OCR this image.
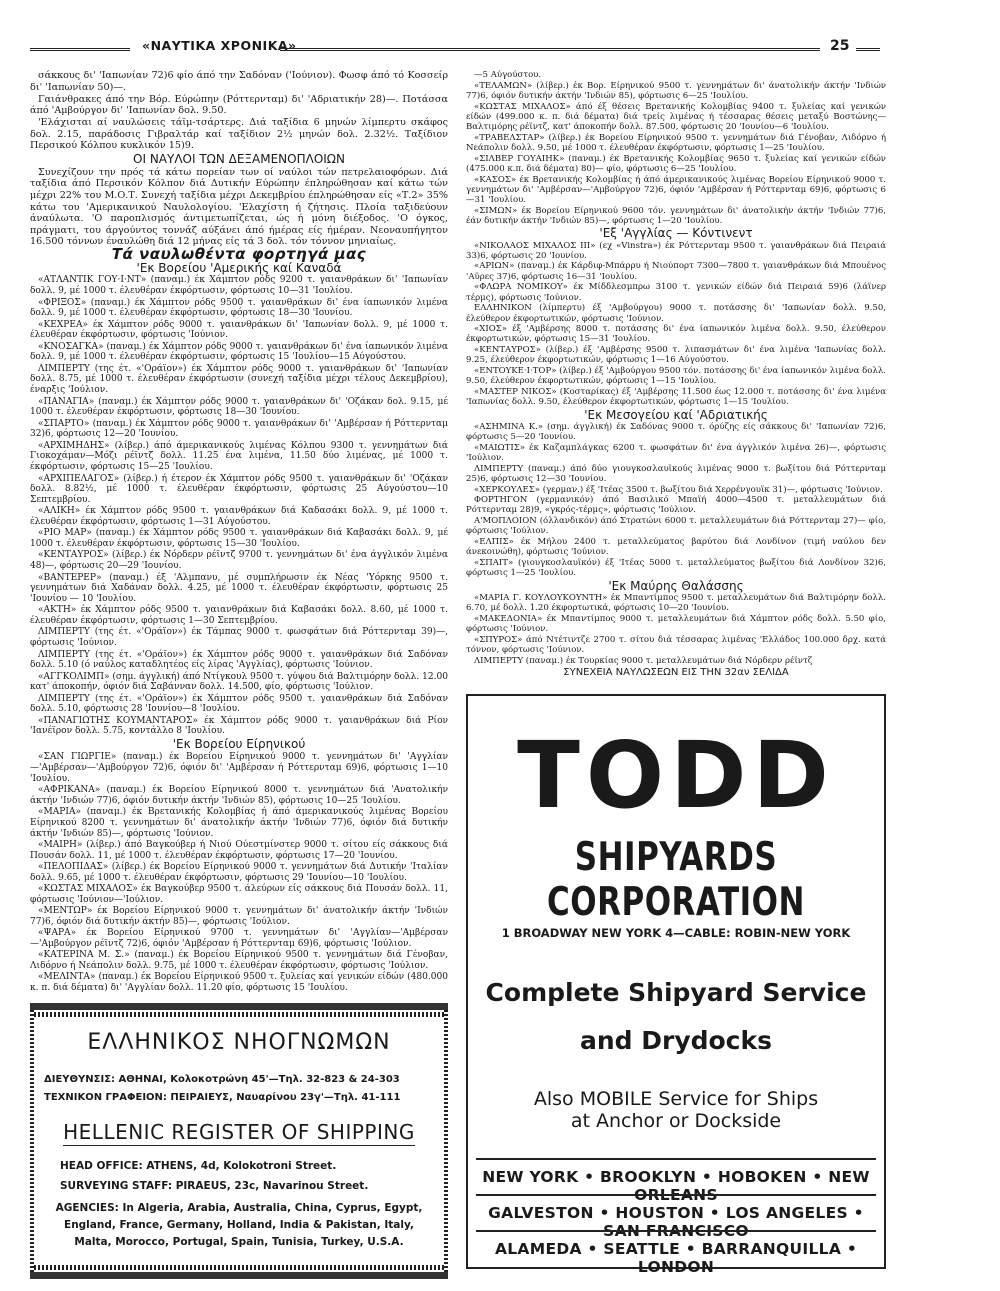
«ΝΑΥΤΙΚΑ ΧΡΟΝΙΚΑ»	25

σάκκους δι' 'Ιαπωνίαν 72)6 φίο άπό την Σαδόναν ('Ιούνιον). Φωσφ άπό τό Κοσσείρ δι' 'Ιαπωνίαν 50)—.

Γαιάνθρακες άπό την Βόρ. Εύρώπην (Ρόττερνταμ) δι' 'Αδριατικήν 28)—. Ποτάσσα άπό 'Αμβούργον δι' 'Ιαπωνίαν δολ. 9.50.

'Ελάχισται αί ναυλώσεις τάϊμ-τσάρτερς. Διά ταξίδια 6 μηνών λίμπερτυ σκάφος δολ. 2.15, παράδοσις Γιβραλτάρ καί ταξίδιον 2½ μηνών δολ. 2.32½. Ταξίδιον Περσικού Κόλπου κυκλικόν 15)9.

ΟΙ ΝΑΥΛΟΙ ΤΩΝ ΔΕΞΑΜΕΝΟΠΛΟΙΩΝ

Συνεχίζουν την πρός τά κάτω πορείαν των οί ναύλοι τών πετρελαιοφόρων. Διά ταξίδια άπό Περσικόν Κόλπον διά Δυτικήν Εύρώπην έπληρώθησαν καί κάτω τών μέχρι 22% του Μ.Ο.Τ. Συνεχή ταξίδια μέχρι Δεκεμβρίου έπληρώθησαν είς «Τ.2» 35% κάτω του 'Αμερικανικού Ναυλολογίου. 'Ελαχίστη ή ζήτησις. Πλοία ταξιδεύουν άναύλωτα. 'Ο παροπλισμός άντιμετωπίζεται, ώς ή μόνη διέξοδος. 'Ο όγκος, πράγματι, του άργούντος τοννάζ αύξάνει άπό ήμέρας είς ήμέραν. Νεοναυπήγητον 16.500 τόννων έναυλώθη διά 12 μήνας είς τά 3 δολ. τόν τόννον μηνιαίως.

Τά ναυλωθέντα φορτηγά μας
'Εκ Βορείου 'Αμερικής καί Καναδά

«ΑΤΛΑΝΤΙΚ ΓΟΥ·Ι·ΝΤ» (παναμ.) έκ Χάμπτον ρόδς 9200 τ. γαιανθράκων δι' 'Ιαπωνίαν δολλ. 9, μέ 1000 τ. έλευθέραν έκφόρτωσιν, φόρτωσις 10—31 'Ιουλίου.

«ΦΡΙΞΟΣ» (παναμ.) έκ Χάμπτον ρόδς 9500 τ. γαιανθράκων δι' ένα ίαπωνικόν λιμένα δολλ. 9, μέ 1000 τ. έλευθέραν έκφόρτωσιν, φόρτωσις 18—30 'Ιουνίου.

«ΚΕΧΡΕΑ» έκ Χάμπτον ρόδς 9000 τ. γαιανθράκων δι' 'Ιαπωνίαν δολλ. 9, μέ 1000 τ. έλευθέραν έκφόρτωσιν, φόρτωσις 'Ιούνιον.

«ΚΝΟΣΑΓΚΑ» (παναμ.) έκ Χάμπτον ρόδς 9000 τ. γαιανθράκων δι' ένα ίαπωνικόν λιμένα δολλ. 9, μέ 1000 τ. έλευθέραν έκφόρτωσιν, φόρτωσις 15 'Ιουλίου—15 Αύγούστου.

ΛΙΜΠΕΡΤΥ (της έτ. «'Οράϊον») έκ Χάμπτον ρόδς 9000 τ. γαιανθράκων δι' 'Ιαπωνίαν δολλ. 8.75, μέ 1000 τ. έλευθέραν έκφόρτωσιν (συνεχή ταξίδια μέχρι τέλους Δεκεμβρίου), έναρξις 'Ιούλιον.

«ΠΑΝΑΓΙΑ» (παναμ.) έκ Χάμπτον ρόδς 9000 τ. γαιανθράκων δι' 'Οζάκαν δολ. 9.15, μέ 1000 τ. έλευθέραν έκφόρτωσιν, φόρτωσις 18—30 'Ιουνίου.

«ΣΠΑΡΤΟ» (παναμ.) έκ Χάμπτον ρόδς 9000 τ. γαιανθράκων δι' 'Αμβέρσαν ή Ρόττερνταμ 32)6, φόρτωσις 12—20 'Ιουνίου.

«ΑΡΧΙΜΗΔΗΣ» (λίβερ.) άπό άμερικανικούς λιμένας Κόλπου 9300 τ. γεννημάτων διά Γιοκοχάμαν—Μόζι ρέϊντζ δολλ. 11.25 ένα λιμένα, 11.50 δύο λιμένας, μέ 1000 τ. έκφόρτωσιν, φόρτωσις 15—25 'Ιουλίου.

«ΑΡΧΙΠΕΛΑΓΟΣ» (λίβερ.) ή έτερον έκ Χάμπτον ρόδς 9500 τ. γαιανθράκων δι' 'Οζάκαν δολλ. 8.82½, μέ 1000 τ. έλευθέραν έκφόρτωσιν, φόρτωσις 25 Αύγούστου—10 Σεπτεμβρίου.

«ΑΛΙΚΗ» έκ Χάμπτον ρόδς 9500 τ. γαιανθράκων διά Καδασάκι δολλ. 9, μέ 1000 τ. έλευθέραν έκφόρτωσιν, φόρτωσις 1—31 Αύγούστου.

«ΡΙΟ ΜΑΡ» (παναμ.) έκ Χάμπτον ρόδς 9500 τ. γαιανθράκων διά Καβασάκι δολλ. 9, μέ 1000 τ. έλευθέραν έκφόρτωσιν, φόρτωσις 15—30 'Ιουλίου.

«ΚΕΝΤΑΥΡΟΣ» (λίβερ.) έκ Νόρδερν ρέϊντζ 9700 τ. γεννημάτων δι' ένα άγγλικόν λιμένα 48)—, φόρτωσις 20—29 'Ιουνίου.

«ΒΑΝΤΕΡΕΡ» (παναμ.) έξ 'Αλμπανυ, μέ συμπλήρωσιν έκ Νέας 'Υόρκης 9500 τ. γεννημάτων διά Χαδάναν δολλ. 4.25, μέ 1000 τ. έλευθέραν έκφόρτωσιν, φόρτωσις 25 'Ιουνίου — 10 'Ιουλίου.

«ΑΚΤΗ» έκ Χάμπτον ρόδς 9500 τ. γαιανθράκων διά Καβασάκι δολλ. 8.60, μέ 1000 τ. έλευθέραν έκφόρτωσιν, φόρτωσις 1—30 Σεπτεμβρίου.

ΛΙΜΠΕΡΤΥ (της έτ. «'Οράϊον») έκ Τάμπας 9000 τ. φωσφάτων διά Ρόττερνταμ 39)—, φόρτωσις 'Ιούνιον.

ΛΙΜΠΕΡΤΥ (της έτ. «'Οράϊον») έκ Χάμπτον ρόδς 9000 τ. γαιανθράκων διά Σαδόναν δολλ. 5.10 (ό ναύλος καταδλητέος είς λίρας 'Αγγλίας), φόρτωσις 'Ιούνιον.

«ΑΓΓΚΟΛΙΜΠ» (σημ. άγγλική) άπό Ντίγκουλ 9500 τ. γύψου διά Βαλτιμόρην δολλ. 12.00 κατ' άποκοπήν, όφιόν διά Σαβάνναν δολλ. 14.500, φίο, φόρτωσις 'Ιούλιον.

ΛΙΜΠΕΡΤΥ (της έτ. «'Οράϊον») έκ Χάμπτον ρόδς 9500 τ. γαιανθράκων διά Σαδόναν δολλ. 5.10, φόρτωσις 28 'Ιουνίου—8 'Ιουλίου.

«ΠΑΝΑΓΙΩΤΗΣ ΚΟΥΜΑΝΤΑΡΟΣ» έκ Χάμπτον ρόδς 9000 τ. γαιανθράκων διά Ρίον 'Ιανέϊρον δολλ. 5.75, κοντάλλο 8 'Ιουλίου.

'Εκ Βορείου Είρηνικού

«ΣΑΝ ΓΙΩΡΓΙΕ» (παναμ.) έκ Βορείου Είρηνικού 9000 τ. γεννημάτων δι' 'Αγγλίαν—'Αμβέρσαν—'Αμβούργον 72)6, όφιόν δι' 'Αμβέρσαν ή Ρόττερνταμ 69)6, φόρτωσις 1—10 'Ιουλίου.

«ΑΦΡΙΚΑΝΑ» (παναμ.) έκ Βορείου Είρηνικού 8000 τ. γεννημάτων διά 'Ανατολικήν άκτήν 'Ινδιών 77)6, όφιόν δυτικήν άκτήν 'Ινδιών 85), φόρτωσις 10—25 'Ιουλίου.

«ΜΑΡΙΑ» (παναμ.) έκ Βρετανικής Κολομβίας ή άπό άμερικανικούς λιμένας Βορείου Είρηνικού 8200 τ. γεννημάτων δι' άνατολικήν άκτήν 'Ινδιών 77)6, όφιόν διά δυτικήν άκτήν 'Ινδιών 85)—, φόρτωσις 'Ιούνιον.

«ΜΑΙΡΗ» (λίβερ.) άπό Βαγκούβερ ή Νιού Ούεστμίνστερ 9000 τ. σίτου είς σάκκους διά Πουσάν δολλ. 11, μέ 1000 τ. έλευθέραν έκφόρτωσιν, φόρτωσις 17—20 'Ιουνίου.

«ΠΕΛΟΠΙΔΑΣ» (λίβερ.) έκ Βορείου Είρηνικού 9000 τ. γεννημάτων διά Δυτικήν 'Ιταλίαν δολλ. 9.65, μέ 1000 τ. έλευθέραν έκφόρτωσιν, φόρτωσις 29 'Ιουνίου—10 'Ιουλίου.

«ΚΩΣΤΑΣ ΜΙΧΑΛΟΣ» έκ Βαγκούβερ 9500 τ. άλεύρων είς σάκκους διά Πουσάν δολλ. 11, φόρτωσις 'Ιούνιον—'Ιούλιον.

«ΜΕΝΤΩΡ» έκ Βορείου Είρηνικού 9000 τ. γεννημάτων δι' άνατολικήν άκτήν 'Ινδιών 77)6, όφιόν διά δυτικήν άκτήν 85)—, φόρτωσις 'Ιούλιον.

«ΨΑΡΑ» έκ Βορείου Είρηνικού 9700 τ. γεννημάτων δι' 'Αγγλίαν—'Αμβέρσαν—'Αμβούργον ρέϊντζ 72)6, όφιόν 'Αμβέρσαν ή Ρόττερνταμ 69)6, φόρτωσις 'Ιούλιον.

«ΚΑΤΕΡΙΝΑ Μ. Σ.» (παναμ.) έκ Βορείου Είρηνικού 9500 τ. γεννημάτων διά Γένοβαν, Λιδόρνο ή Νεάπολιν δολλ. 9.75, μέ 1000 τ. έλευθέραν έκφόρτωσιν, φόρτωσις 'Ιούλιον.

«ΜΕΛΙΝΤΑ» (παναμ.) έκ Βορείου Είρηνικού 9500 τ. ξυλείας καί γενικών είδών (480.000 κ. π. διά δέματα) δι' 'Αγγλίαν δολλ. 11.20 φίο, φόρτωσις 15 'Ιουλίου.

—5 Αύγούστου.

«ΤΕΛΑΜΩΝ» (λίβερ.) έκ Βορ. Είρηνικού 9500 τ. γεννημάτων δι' άνατολικήν άκτήν 'Ινδιών 77)6, όφιόν δυτικήν άκτήν 'Ινδιών 85), φόρτωσις 6—25 'Ιουλίου.

«ΚΩΣΤΑΣ ΜΙΧΑΛΟΣ» άπό έξ θέσεις Βρετανικής Κολομβίας 9400 τ. ξυλείας καί γενικών είδών (499.000 κ. π. διά δέματα) διά τρείς λιμένας ή τέσσαρας θέσεις μεταξύ Βοστώνης—Βαλτιμόρης ρέϊντζ, κατ' άποκοπήν δολλ. 87.500, φόρτωσις 20 'Ιουνίου—6 'Ιουλίου.

«ΤΡΑΒΕΛΣΤΑΡ» (λίβερ.) έκ Βορείου Είρηνικού 9500 τ. γεννημάτων διά Γένοβαν, Λιδόρνο ή Νεάπολιν δολλ. 9.50, μέ 1000 τ. έλευθέραν έκφόρτωσιν, φόρτωσις 1—25 'Ιουλίου.

«ΣΙΛΒΕΡ ΓΟΥΑΙΗΚ» (παναμ.) έκ Βρετανικής Κολομβίας 9650 τ. ξυλείας καί γενικών είδών (475.000 κ.π. διά δέματα) 80)— φίο, φόρτωσις 6—25 'Ιουλίου.

«ΚΑΣΟΣ» έκ Βρετανικής Κολομβίας ή άπό άμερικανικούς λιμένας Βορείου Είρηνικού 9000 τ. γεννημάτων δι' 'Αμβέρσαν—'Αμβούργον 72)6, όφιόν 'Αμβέρσαν ή Ρόττερνταμ 69)6, φόρτωσις 6—31 'Ιουλίου.

«ΣΙΜΩΝ» έκ Βορείου Είρηνικού 9600 τόν. γεννημάτων δι' άνατολικήν άκτήν 'Ινδιών 77)6, έάν δυτικήν άκτήν 'Ινδιών 85)—, φόρτωσις 1—20 'Ιουλίου.

'Εξ 'Αγγλίας — Κόντινεντ

«ΝΙΚΟΛΑΟΣ ΜΙΧΑΛΟΣ ΙΙΙ» (εχ «Vinstra») έκ Ρόττερνταμ 9500 τ. γαιανθράκων διά Πειραιά 33)6, φόρτωσις 20 'Ιουνίου.

«ΑΡΙΩΝ» (παναμ.) έκ Κάρδιφ-Μπάρρυ ή Νιούπορτ 7300—7800 τ. γαιανθράκων διά Μπουένος 'Αϋρες 37)6, φόρτωσις 16—31 'Ιουλίου.

«ΦΛΩΡΑ ΝΟΜΙΚΟΥ» έκ Μίδδλεσμπρω 3100 τ. γενικών είδών διά Πειραιά 59)6 (λάϊνερ τέρμς), φόρτωσις 'Ιούνιον.

ΕΛΛΗΝΙΚΟΝ (λίμπερτυ) έξ 'Αμβούργου) 9000 τ. ποτάσσης δι' 'Ιαπωνίαν δολλ. 9.50, έλεύθερον έκφορτωτικών, φόρτωσις 'Ιούνιον.

«ΧΙΟΣ» έξ 'Αμβέρσης 8000 τ. ποτάσσης δι' ένα ίαπωνικόν λιμένα δολλ. 9.50, έλεύθερον έκφορτωτικών, φόρτωσις 15—31 'Ιουλίου.

«ΚΕΝΤΑΥΡΟΣ» (λίβερ.) έξ 'Αμβέρσης 9500 τ. λιπασμάτων δι' ένα λιμένα 'Ιαπωνίας δολλ. 9.25, έλεύθερον έκφορτωτικών, φόρτωσις 1—16 Αύγούστου.

«ΕΝΤΟΥΚΕ·Ι·ΤΟΡ» (λίβερ.) έξ 'Αμβούργου 9500 τόν. ποτάσσης δι' ένα ίαπωνικόν λιμένα δολλ. 9.50, έλεύθερον έκφορτωτικών, φόρτωσις 1—15 'Ιουλίου.

«ΜΑΣΤΕΡ ΝΙΚΟΣ» (Κοσταρίκας) έξ 'Αμβέρσης 11.500 έως 12.000 τ. ποτάσσης δι' ένα λιμένα 'Ιαπωνίας δολλ. 9.50, έλεύθερον έκφορτωτικών, φόρτωσις 1—15 'Ιουλίου.

'Εκ Μεσογείου καί 'Αδριατικής

«ΑΣΗΜΙΝΑ Κ.» (σημ. άγγλική) έκ Σαδόνας 9000 τ. όρύζης είς σάκκους δι' 'Ιαπωνίαν 72)6, φόρτωσις 5—20 'Ιουνίου.

«ΜΑΙΩΤΙΣ» έκ Καζαμπλάγκας 6200 τ. φωσφάτων δι' ένα άγγλικόν λιμένα 26)—, φόρτωσις 'Ιούλιον.

ΛΙΜΠΕΡΤΥ (παναμ.) άπό δύο γιουγκοσλαυϊκούς λιμένας 9000 τ. βωξίτου διά Ρόττερνταμ 25)6, φόρτωσις 12—30 'Ιουνίου.

«ΧΕΡΚΟΥΛΕΣ» (γερμαν.) έξ 'Ιτέας 3500 τ. βωξίτου διά Χερρένγουϊκ 31)—, φόρτωσις 'Ιούνιον.

ΦΟΡΤΗΓΟΝ (γερμανικόν) άπό Βασιλικό Μπαϊή 4000—4500 τ. μεταλλευμάτων διά Ρόττερνταμ 28)9, «γκρός-τέρμς», φόρτωσις 'Ιούλιον.

Α'ΜΟΠΛΟΙΟΝ (όλλανδικόν) άπό Στρατώνι 6000 τ. μεταλλευμάτων διά Ρόττερνταμ 27)— φίο, φόρτωσις 'Ιούλιον.

«ΕΛΠΙΣ» έκ Μήλου 2400 τ. μεταλλεύματος βαρύτου διά Λονδίνον (τιμή ναύλου δεν άνεκοινώθη), φόρτωσις 'Ιούνιον.

«ΣΠΑΙΤ» (γιουγκοσλαυϊκόν) έξ 'Ιτέας 5000 τ. μεταλλεύματος βωξίτου διά Λονδίνον 32)6, φόρτωσις 1—25 'Ιουλίου.

'Εκ Μαύρης Θαλάσσης

«ΜΑΡΙΑ Γ. ΚΟΥΛΟΥΚΟΥΝΤΗ» έκ Μπαντίμπος 9500 τ. μεταλλευμάτων διά Βαλτιμόρην δολλ. 6.70, μέ δολλ. 1.20 έκφορτωτικά, φόρτωσις 10—20 'Ιουνίου.

«ΜΑΚΕΔΟΝΙΑ» έκ Μπαντίμπος 9000 τ. μεταλλευμάτων διά Χάμπτον ρόδς δολλ. 5.50 φίο, φόρτωσις 'Ιούνιον.

«ΣΠΥΡΟΣ» άπό Ντέτιντζε 2700 τ. σίτου διά τέσσαρας λιμένας 'Ελλάδος 100.000 δρχ. κατά τόννον, φόρτωσις 'Ιούνιον.

ΛΙΜΠΕΡΤΥ (παναμ.) έκ Τουρκίας 9000 τ. μεταλλευμάτων διά Νόρδερν ρέϊντζ

ΣΥΝΕΧΕΙΑ ΝΑΥΛΩΣΕΩΝ ΕΙΣ ΤΗΝ 32αν ΣΕΛΙΔΑ

ΕΛΛΗΝΙΚΟΣ ΝΗΟΓΝΩΜΩΝ
ΔΙΕΥΘΥΝΣΙΣ: ΑΘΗΝΑΙ, Κολοκοτρώνη 45'—Τηλ. 32-823 & 24-303
ΤΕΧΝΙΚΟΝ ΓΡΑΦΕΙΟΝ: ΠΕΙΡΑΙΕΥΣ, Ναυαρίνου 23γ'—Τηλ. 41-111
HELLENIC REGISTER OF SHIPPING
HEAD OFFICE: ATHENS, 4d, Kolokotroni Street.
SURVEYING STAFF: PIRAEUS, 23c, Navarinou Street.
AGENCIES: In Algeria, Arabia, Australia, China, Cyprus, Egypt, England, France, Germany, Holland, India & Pakistan, Italy, Malta, Morocco, Portugal, Spain, Tunisia, Turkey, U.S.A.
TODD
SHIPYARDS CORPORATION
1 BROADWAY NEW YORK 4—CABLE: ROBIN-NEW YORK
Complete Shipyard Service
and Drydocks
Also MOBILE Service for Ships
at Anchor or Dockside
NEW YORK • BROOKLYN • HOBOKEN • NEW ORLEANS
GALVESTON • HOUSTON • LOS ANGELES • SAN FRANCISCO
ALAMEDA • SEATTLE • BARRANQUILLA • LONDON
